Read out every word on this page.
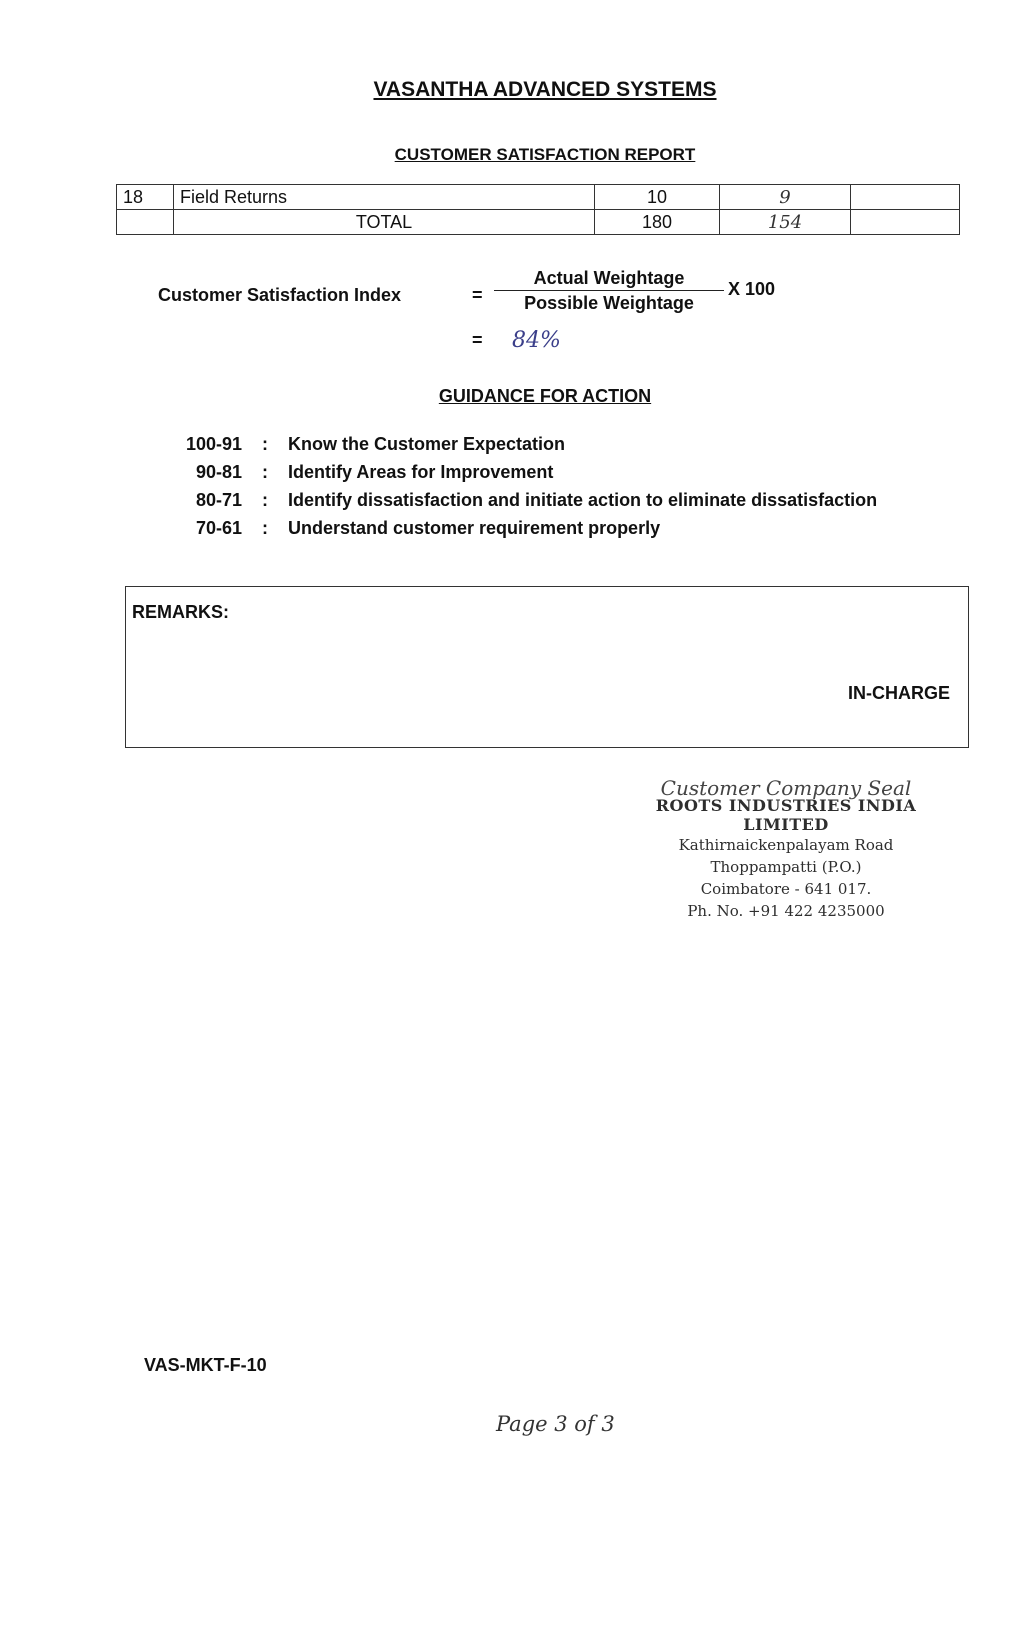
VASANTHA ADVANCED SYSTEMS
CUSTOMER SATISFACTION REPORT
18	Field Returns	10	9	
	TOTAL	180	154	
Customer Satisfaction Index	=
Actual Weightage
Possible Weightage
X 100
= 84%
GUIDANCE FOR ACTION
100-91	:	Know the Customer Expectation
90-81	:	Identify Areas for Improvement
80-71	:	Identify dissatisfaction and initiate action to eliminate dissatisfaction
70-61	:	Understand customer requirement properly
REMARKS:
IN-CHARGE
Customer Company Seal
ROOTS INDUSTRIES INDIA LIMITED
Kathirnaickenpalayam Road
Thoppampatti (P.O.)
Coimbatore - 641 017.
Ph. No. +91 422 4235000
VAS-MKT-F-10
Page 3 of 3
